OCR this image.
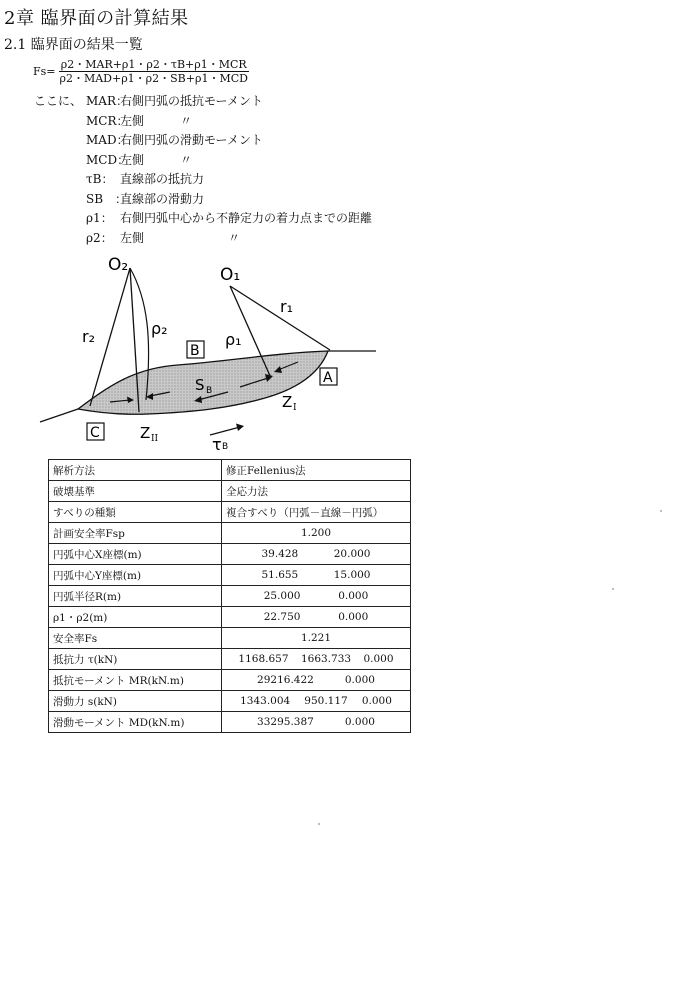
2章 臨界面の計算結果
2.1 臨界面の結果一覧
$Fs= \frac{\text{ρ2・MAR+ρ1・ρ2・τB+ρ1・MCR}}{\text{ρ2・MAD+ρ1・ρ2・SB+ρ1・MCD}}$
ここに、 MAR：
右側円弧の抵抗モーメント
MCR：
左側　　　〃
MAD：
右側円弧の滑動モーメント
MCD：
左側　　　〃
τB： 直線部の抵抗力
SB　：
直線部の滑動力
ρ1： 右側円弧中心から不静定力の着力点までの距離
ρ2： 左側　　　　　　　〃
O₂	O₁
r₂
r₁
ρ₂
ρ₁
B
A
C
S B
Z I
Z II	τ B
解析方法	修正Fellenius法
破壊基準	全応力法
すべりの種類	複合すべり（円弧－直線－円弧）
計画安全率Fsp	1.200
円弧中心X座標(m)	39.428 20.000

円弧中心Y座標(m)	51.655 15.000

円弧半径R(m)	25.000 0.000

ρ1・ρ2(m)	22.750 0.000

安全率Fs	1.221
抵抗力 τ(kN)	1168.657 1663.733 0.000

抵抗モーメント MR(kN.m)	29216.422 0.000

滑動力 s(kN)	1343.004 950.117 0.000

滑動モーメント MD(kN.m)	33295.387 0.000
